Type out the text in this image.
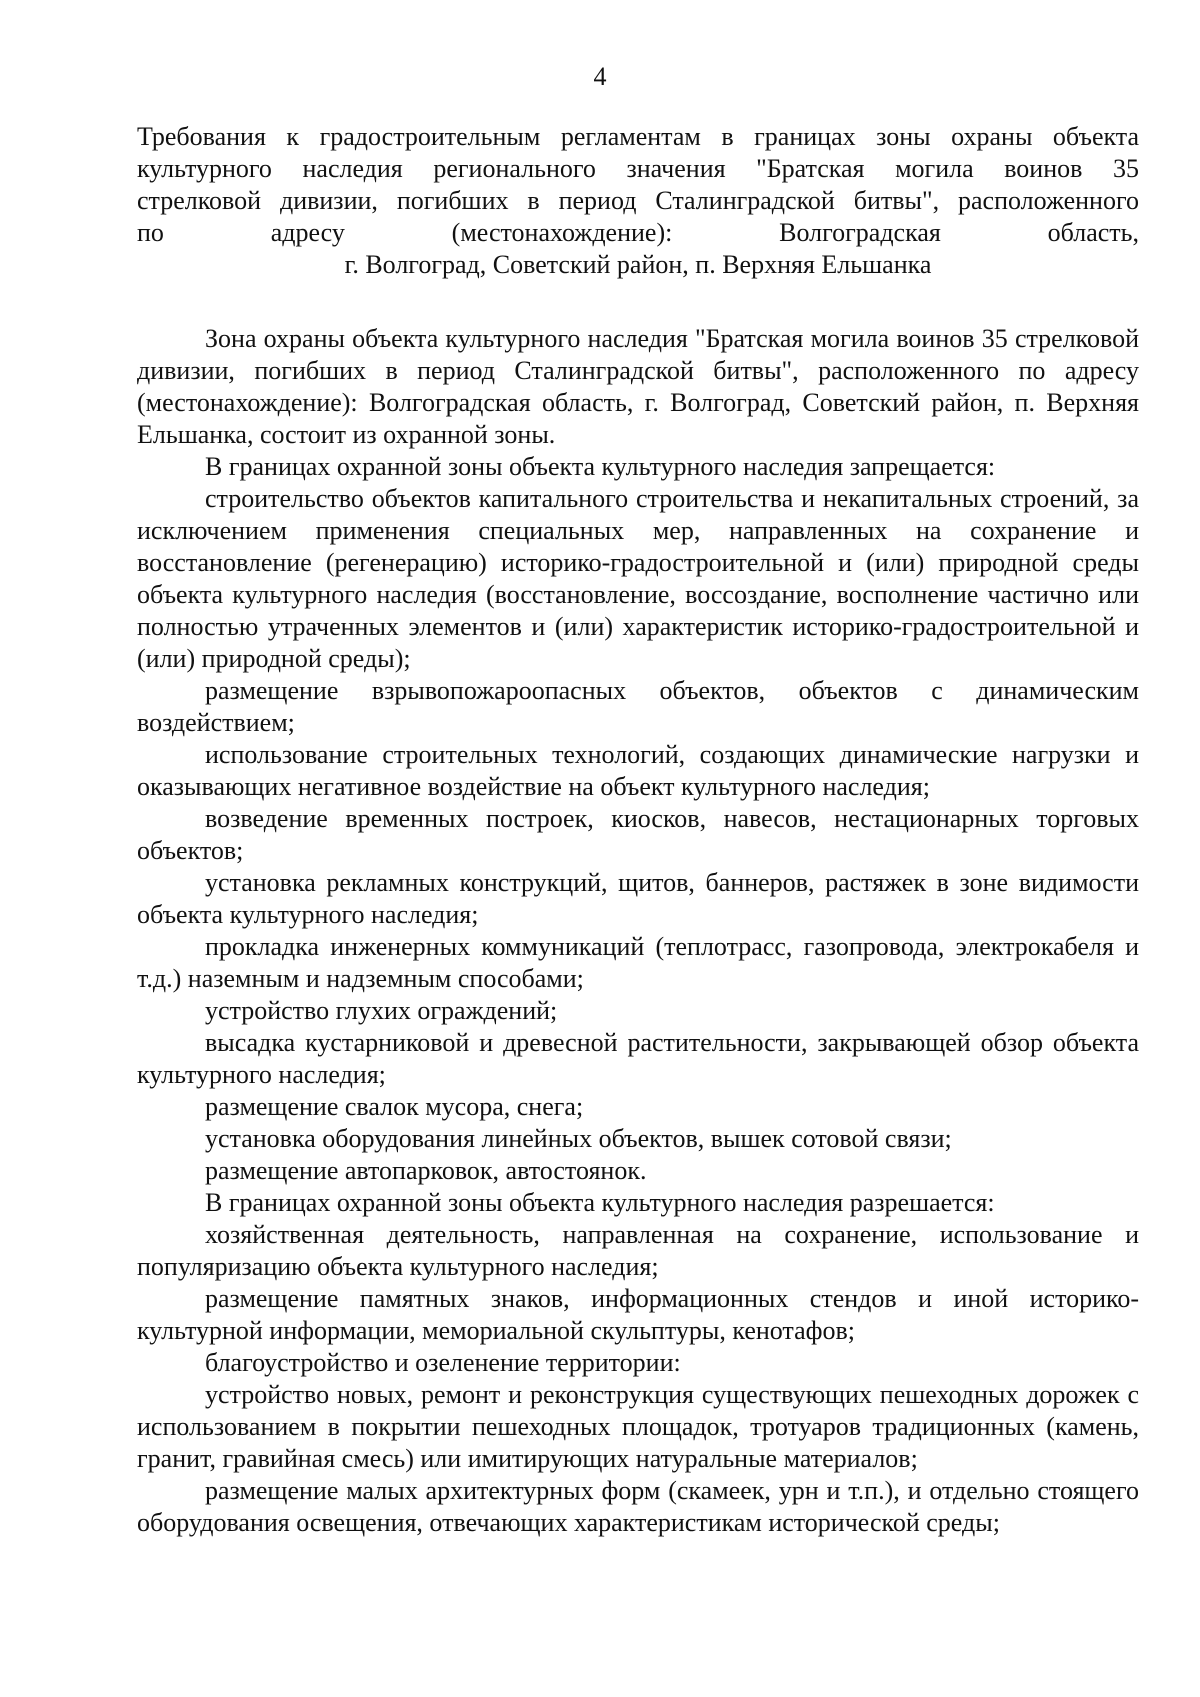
4

Требования к градостроительным регламентам в границах зоны охраны объекта

культурного наследия регионального значения "Братская могила воинов 35

стрелковой дивизии, погибших в период Сталинградской битвы", расположенного

по адресу (местонахождение): Волгоградская область,

г. Волгоград, Советский район, п. Верхняя Ельшанка

Зона охраны объекта культурного наследия "Братская могила воинов 35 стрелковой дивизии, погибших в период Сталинградской битвы", расположенного по адресу (местонахождение): Волгоградская область, г. Волгоград, Советский район, п. Верхняя Ельшанка, состоит из охранной зоны.

В границах охранной зоны объекта культурного наследия запрещается:

строительство объектов капитального строительства и некапитальных строений, за исключением применения специальных мер, направленных на сохранение и восстановление (регенерацию) историко-градостроительной и (или) природной среды объекта культурного наследия (восстановление, воссоздание, восполнение частично или полностью утраченных элементов и (или) характеристик историко-градостроительной и (или) природной среды);

размещение взрывопожароопасных объектов, объектов с динамическим воздействием;

использование строительных технологий, создающих динамические нагрузки и оказывающих негативное воздействие на объект культурного наследия;

возведение временных построек, киосков, навесов, нестационарных торговых объектов;

установка рекламных конструкций, щитов, баннеров, растяжек в зоне видимости объекта культурного наследия;

прокладка инженерных коммуникаций (теплотрасс, газопровода, электрокабеля и т.д.) наземным и надземным способами;

устройство глухих ограждений;

высадка кустарниковой и древесной растительности, закрывающей обзор объекта культурного наследия;

размещение свалок мусора, снега;

установка оборудования линейных объектов, вышек сотовой связи;

размещение автопарковок, автостоянок.

В границах охранной зоны объекта культурного наследия разрешается:

хозяйственная деятельность, направленная на сохранение, использование и популяризацию объекта культурного наследия;

размещение памятных знаков, информационных стендов и иной историко-культурной информации, мемориальной скульптуры, кенотафов;

благоустройство и озеленение территории:

устройство новых, ремонт и реконструкция существующих пешеходных дорожек с использованием в покрытии пешеходных площадок, тротуаров традиционных (камень, гранит, гравийная смесь) или имитирующих натуральные материалов;

размещение малых архитектурных форм (скамеек, урн и т.п.), и отдельно стоящего оборудования освещения, отвечающих характеристикам исторической среды;
